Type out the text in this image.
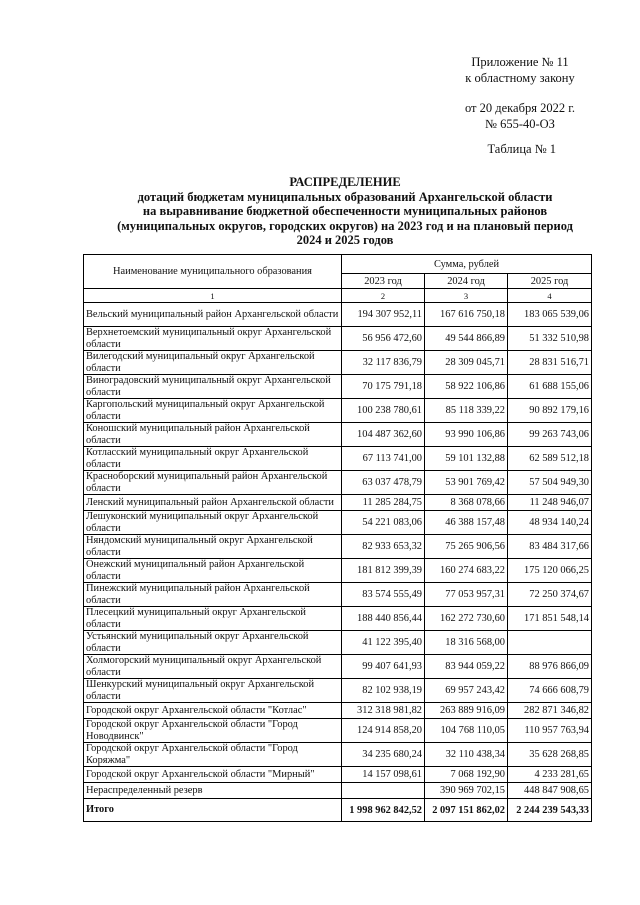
Приложение № 11
к областному закону
от 20 декабря 2022 г.
№ 655-40-ОЗ
Таблица № 1
РАСПРЕДЕЛЕНИЕ
дотаций бюджетам муниципальных образований Архангельской области
на выравнивание бюджетной обеспеченности муниципальных районов
(муниципальных округов, городских округов) на 2023 год и на плановый период
2024 и 2025 годов
Наименование муниципального образования	Сумма, рублей		
	2023 год	2024 год	2025 год
1	2	3	4
Вельский муниципальный район Архангельской области	194 307 952,11	167 616 750,18	183 065 539,06
Верхнетоемский муниципальный округ Архангельской области	56 956 472,60	49 544 866,89	51 332 510,98
Вилегодский муниципальный округ Архангельской области	32 117 836,79	28 309 045,71	28 831 516,71
Виноградовский муниципальный округ Архангельской области	70 175 791,18	58 922 106,86	61 688 155,06
Каргопольский муниципальный округ Архангельской области	100 238 780,61	85 118 339,22	90 892 179,16
Коношский муниципальный район Архангельской области	104 487 362,60	93 990 106,86	99 263 743,06
Котласский муниципальный округ Архангельской области	67 113 741,00	59 101 132,88	62 589 512,18
Красноборский муниципальный район Архангельской области	63 037 478,79	53 901 769,42	57 504 949,30
Ленский муниципальный район Архангельской области	11 285 284,75	8 368 078,66	11 248 946,07
Лешуконский муниципальный округ Архангельской области	54 221 083,06	46 388 157,48	48 934 140,24
Няндомский муниципальный округ Архангельской области	82 933 653,32	75 265 906,56	83 484 317,66
Онежский муниципальный район Архангельской области	181 812 399,39	160 274 683,22	175 120 066,25
Пинежский муниципальный район Архангельской области	83 574 555,49	77 053 957,31	72 250 374,67
Плесецкий муниципальный округ Архангельской области	188 440 856,44	162 272 730,60	171 851 548,14
Устьянский муниципальный округ Архангельской области	41 122 395,40	18 316 568,00	
Холмогорский муниципальный округ Архангельской области	99 407 641,93	83 944 059,22	88 976 866,09
Шенкурский муниципальный округ Архангельской области	82 102 938,19	69 957 243,42	74 666 608,79
Городской округ Архангельской области "Котлас"	312 318 981,82	263 889 916,09	282 871 346,82
Городской округ Архангельской области "Город Новодвинск"	124 914 858,20	104 768 110,05	110 957 763,94
Городской округ Архангельской области "Город Коряжма"	34 235 680,24	32 110 438,34	35 628 268,85
Городской округ Архангельской области "Мирный"	14 157 098,61	7 068 192,90	4 233 281,65
Нераспределенный резерв		390 969 702,15	448 847 908,65
Итого	1 998 962 842,52	2 097 151 862,02	2 244 239 543,33
